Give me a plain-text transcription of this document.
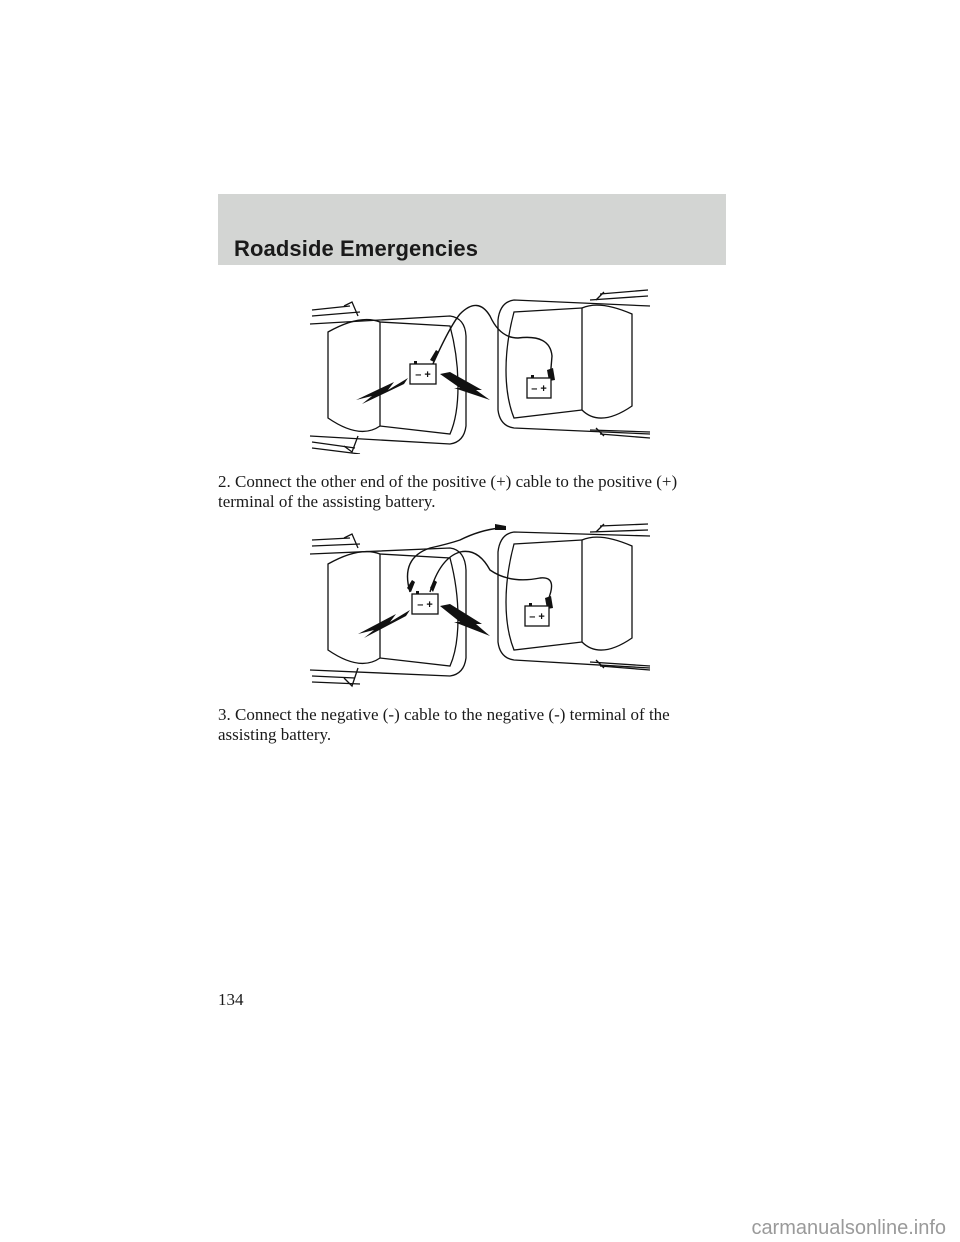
Roadside Emergencies
– +
– +

2. Connect the other end of the positive (+) cable to the positive (+) terminal of the assisting battery.

– +
– +

3. Connect the negative (-) cable to the negative (-) terminal of the assisting battery.

134
carmanualsonline.info
